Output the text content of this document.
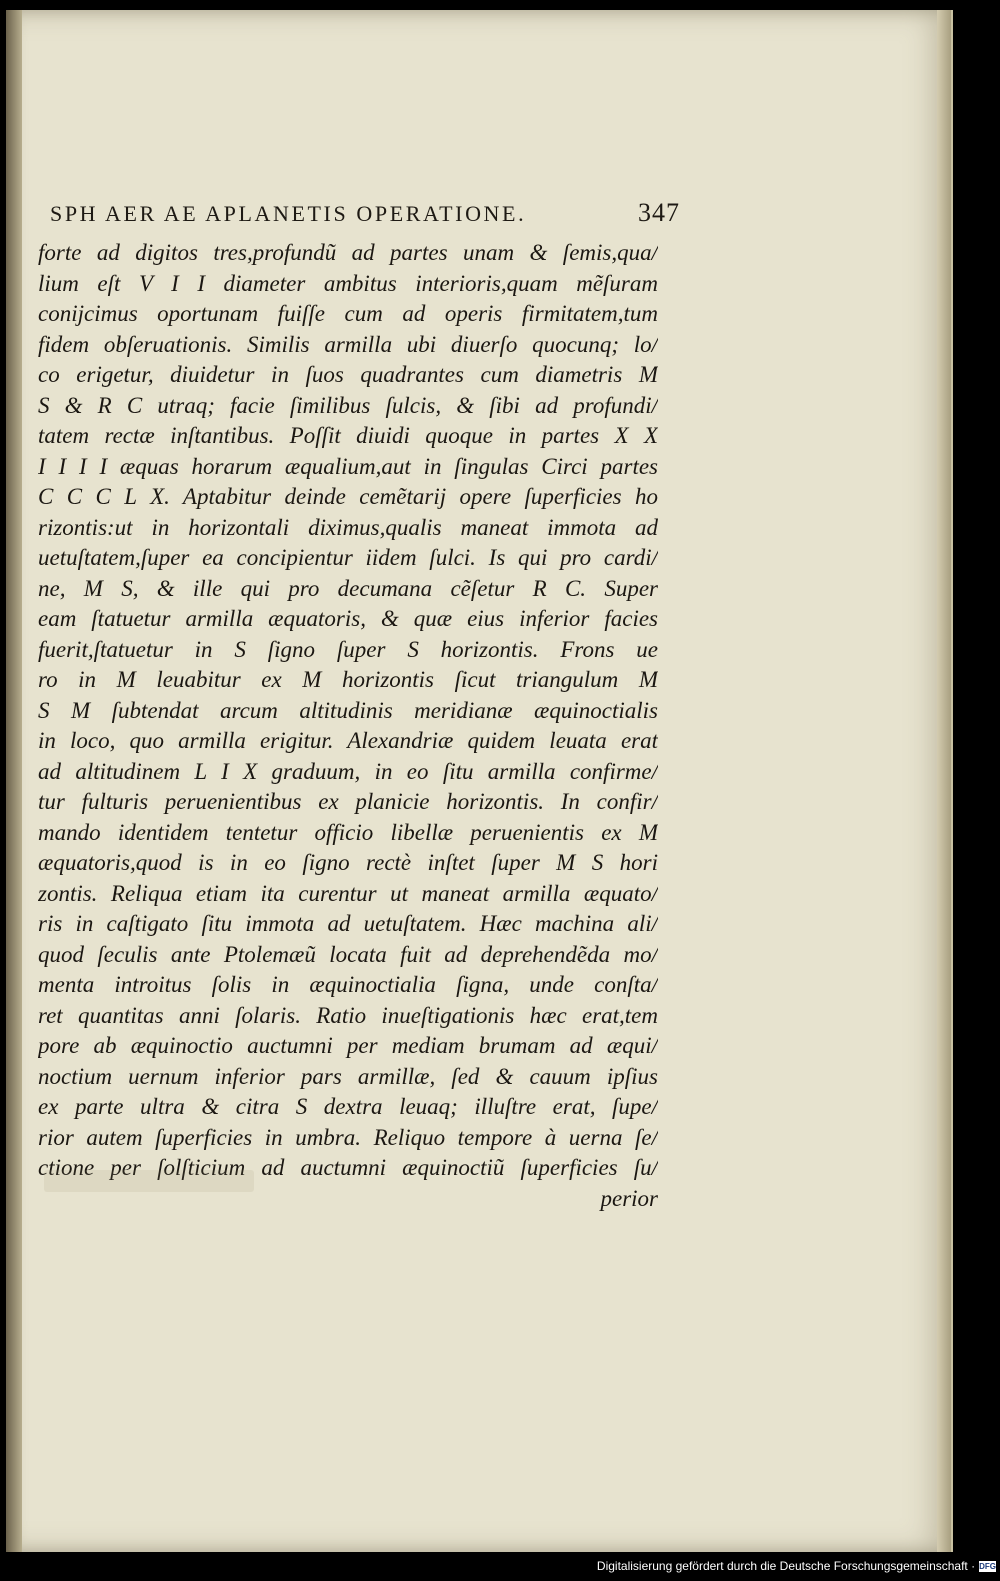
SPH AER AE APLANETIS OPERATIONE.	347
forte ad digitos tres,profundũ ad partes unam & ſemis,qua/
lium eſt V I I diameter ambitus interioris,quam mẽſuram
conijcimus oportunam fuiſſe cum ad operis firmitatem,tum
fidem obſeruationis. Similis armilla ubi diuerſo quocunq; lo/
co erigetur, diuidetur in ſuos quadrantes cum diametris M
S & R C utraq; facie ſimilibus ſulcis, & ſibi ad profundi/
tatem rectæ inſtantibus. Poſſit diuidi quoque in partes X X
I I I I æquas horarum æqualium,aut in ſingulas Circi partes
C C C L X. Aptabitur deinde cemẽtarij opere ſuperficies ho
rizontis:ut in horizontali diximus,qualis maneat immota ad
uetuſtatem,ſuper ea concipientur iidem ſulci. Is qui pro cardi/
ne, M S, & ille qui pro decumana cẽſetur R C. Super
eam ſtatuetur armilla æquatoris, & quæ eius inferior facies
fuerit,ſtatuetur in S ſigno ſuper S horizontis. Frons ue
ro in M leuabitur ex M horizontis ſicut triangulum M
S M ſubtendat arcum altitudinis meridianæ æquinoctialis
in loco, quo armilla erigitur. Alexandriæ quidem leuata erat
ad altitudinem L I X graduum, in eo ſitu armilla confirme/
tur fulturis peruenientibus ex planicie horizontis. In confir/
mando identidem tentetur officio libellæ peruenientis ex M
æquatoris,quod is in eo ſigno rectè inſtet ſuper M S hori
zontis. Reliqua etiam ita curentur ut maneat armilla æquato/
ris in caſtigato ſitu immota ad uetuſtatem. Hæc machina ali/
quod ſeculis ante Ptolemæũ locata fuit ad deprehendẽda mo/
menta introitus ſolis in æquinoctialia ſigna, unde conſta/
ret quantitas anni ſolaris. Ratio inueſtigationis hæc erat,tem
pore ab æquinoctio auctumni per mediam brumam ad æqui/
noctium uernum inferior pars armillæ, ſed & cauum ipſius
ex parte ultra & citra S dextra leuaq; illuſtre erat, ſupe/
rior autem ſuperficies in umbra. Reliquo tempore à uerna ſe/
ctione per ſolſticium ad auctumni æquinoctiũ ſuperficies ſu/
perior
Digitalisierung gefördert durch die Deutsche Forschungsgemeinschaft · DFG
